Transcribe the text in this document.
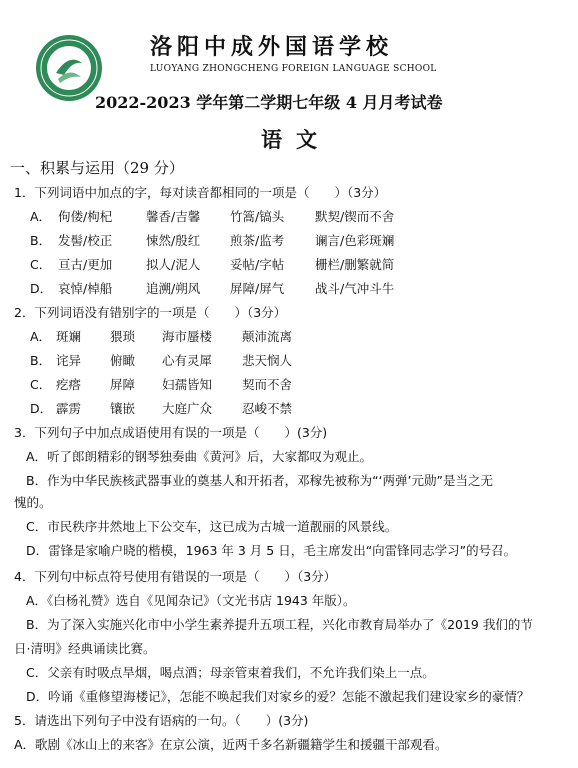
洛阳中成外国语学校
LUOYANG ZHONGCHENG FOREIGN LANGUAGE SCHOOL
2022-2023 学年第二学期七年级 4 月月考试卷
语文
一、积累与运用（29 分）
1．下列词语中加点的字，每对读音都相同的一项是（　　）（3分）
A． 佝偻/枸杞	馨香/吉馨 竹篙/镐头 默契/锲而不舍
B． 发髻/校正	悚然/殷红 煎茶/监考 谰言/色彩斑斓
C． 亘古/更加	拟人/泥人 妥帖/字帖 栅栏/删繁就简
D． 哀悼/棹船	追溯/朔风 屏障/屏气 战斗/气冲斗牛
2．下列词语没有错别字的一项是（　　）（3分）
A． 斑斓 猥琐 海市蜃楼 颠沛流离
B． 诧异 俯瞰 心有灵犀 悲天悯人
C． 疙瘩 屏障 妇孺皆知 契而不舍
D． 霹雳 镶嵌 大庭广众 忍峻不禁
3．下列句子中加点成语使用有误的一项是（　　）(3分)
A．听了郎朗精彩的钢琴独奏曲《黄河》后，大家都叹为观止。
B．作为中华民族核武器事业的奠基人和开拓者，邓稼先被称为“‘两弹’元勋”是当之无
愧的。
C．市民秩序井然地上下公交车，这已成为古城一道靓丽的风景线。
D．雷锋是家喻户晓的楷模，1963 年 3 月 5 日，毛主席发出“向雷锋同志学习”的号召。
4．下列句中标点符号使用有错误的一项是（　　）（3分）
A．《白杨礼赞》选自《见闻杂记》（文光书店 1943 年版）。
B．为了深入实施兴化市中小学生素养提升五项工程，兴化市教育局举办了《2019 我们的节
日·清明》经典诵读比赛。
C．父亲有时吸点旱烟，喝点酒；母亲管束着我们，不允许我们染上一点。
D．吟诵《重修望海楼记》，怎能不唤起我们对家乡的爱？怎能不激起我们建设家乡的豪情？
5．请选出下列句子中没有语病的一句。（　　）(3分)
A．歌剧《冰山上的来客》在京公演，近两千多名新疆籍学生和援疆干部观看。
